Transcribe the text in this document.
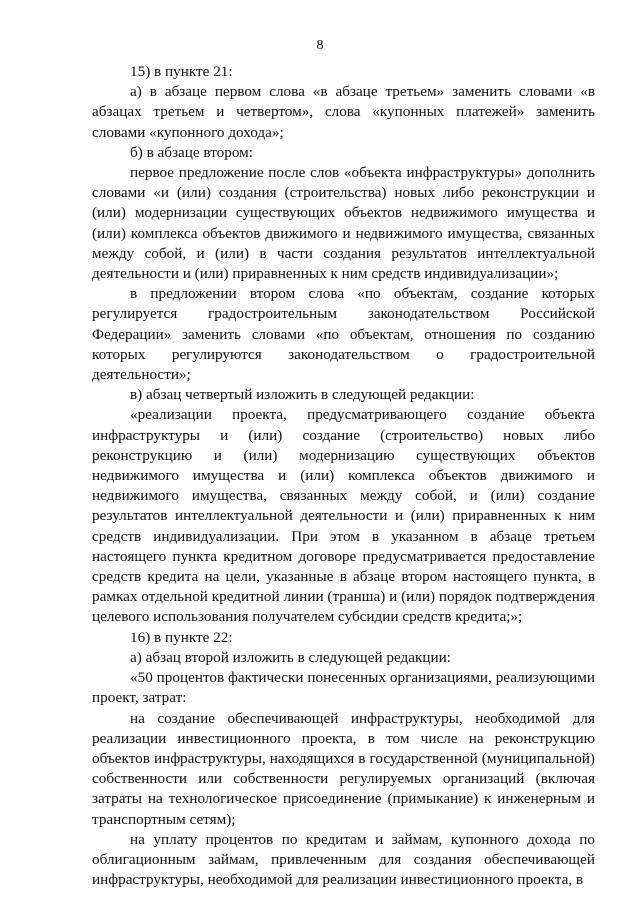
8

15) в пункте 21:

а) в абзаце первом слова «в абзаце третьем» заменить словами «в абзацах третьем и четвертом», слова «купонных платежей» заменить словами «купонного дохода»;

б) в абзаце втором:

первое предложение после слов «объекта инфраструктуры» дополнить словами «и (или) создания (строительства) новых либо реконструкции и (или) модернизации существующих объектов недвижимого имущества и (или) комплекса объектов движимого и недвижимого имущества, связанных между собой, и (или) в части создания результатов интеллектуальной деятельности и (или) приравненных к ним средств индивидуализации»;

в предложении втором слова «по объектам, создание которых регулируется градостроительным законодательством Российской Федерации» заменить словами «по объектам, отношения по созданию которых регулируются законодательством о градостроительной деятельности»;

в) абзац четвертый изложить в следующей редакции:

«реализации проекта, предусматривающего создание объекта инфраструктуры и (или) создание (строительство) новых либо реконструкцию и (или) модернизацию существующих объектов недвижимого имущества и (или) комплекса объектов движимого и недвижимого имущества, связанных между собой, и (или) создание результатов интеллектуальной деятельности и (или) приравненных к ним средств индивидуализации. При этом в указанном в абзаце третьем настоящего пункта кредитном договоре предусматривается предоставление средств кредита на цели, указанные в абзаце втором настоящего пункта, в рамках отдельной кредитной линии (транша) и (или) порядок подтверждения целевого использования получателем субсидии средств кредита;»;

16) в пункте 22:

а) абзац второй изложить в следующей редакции:

«50 процентов фактически понесенных организациями, реализующими проект, затрат:

на создание обеспечивающей инфраструктуры, необходимой для реализации инвестиционного проекта, в том числе на реконструкцию объектов инфраструктуры, находящихся в государственной (муниципальной) собственности или собственности регулируемых организаций (включая затраты на технологическое присоединение (примыкание) к инженерным и транспортным сетям);

на уплату процентов по кредитам и займам, купонного дохода по облигационным займам, привлеченным для создания обеспечивающей инфраструктуры, необходимой для реализации инвестиционного проекта, в
